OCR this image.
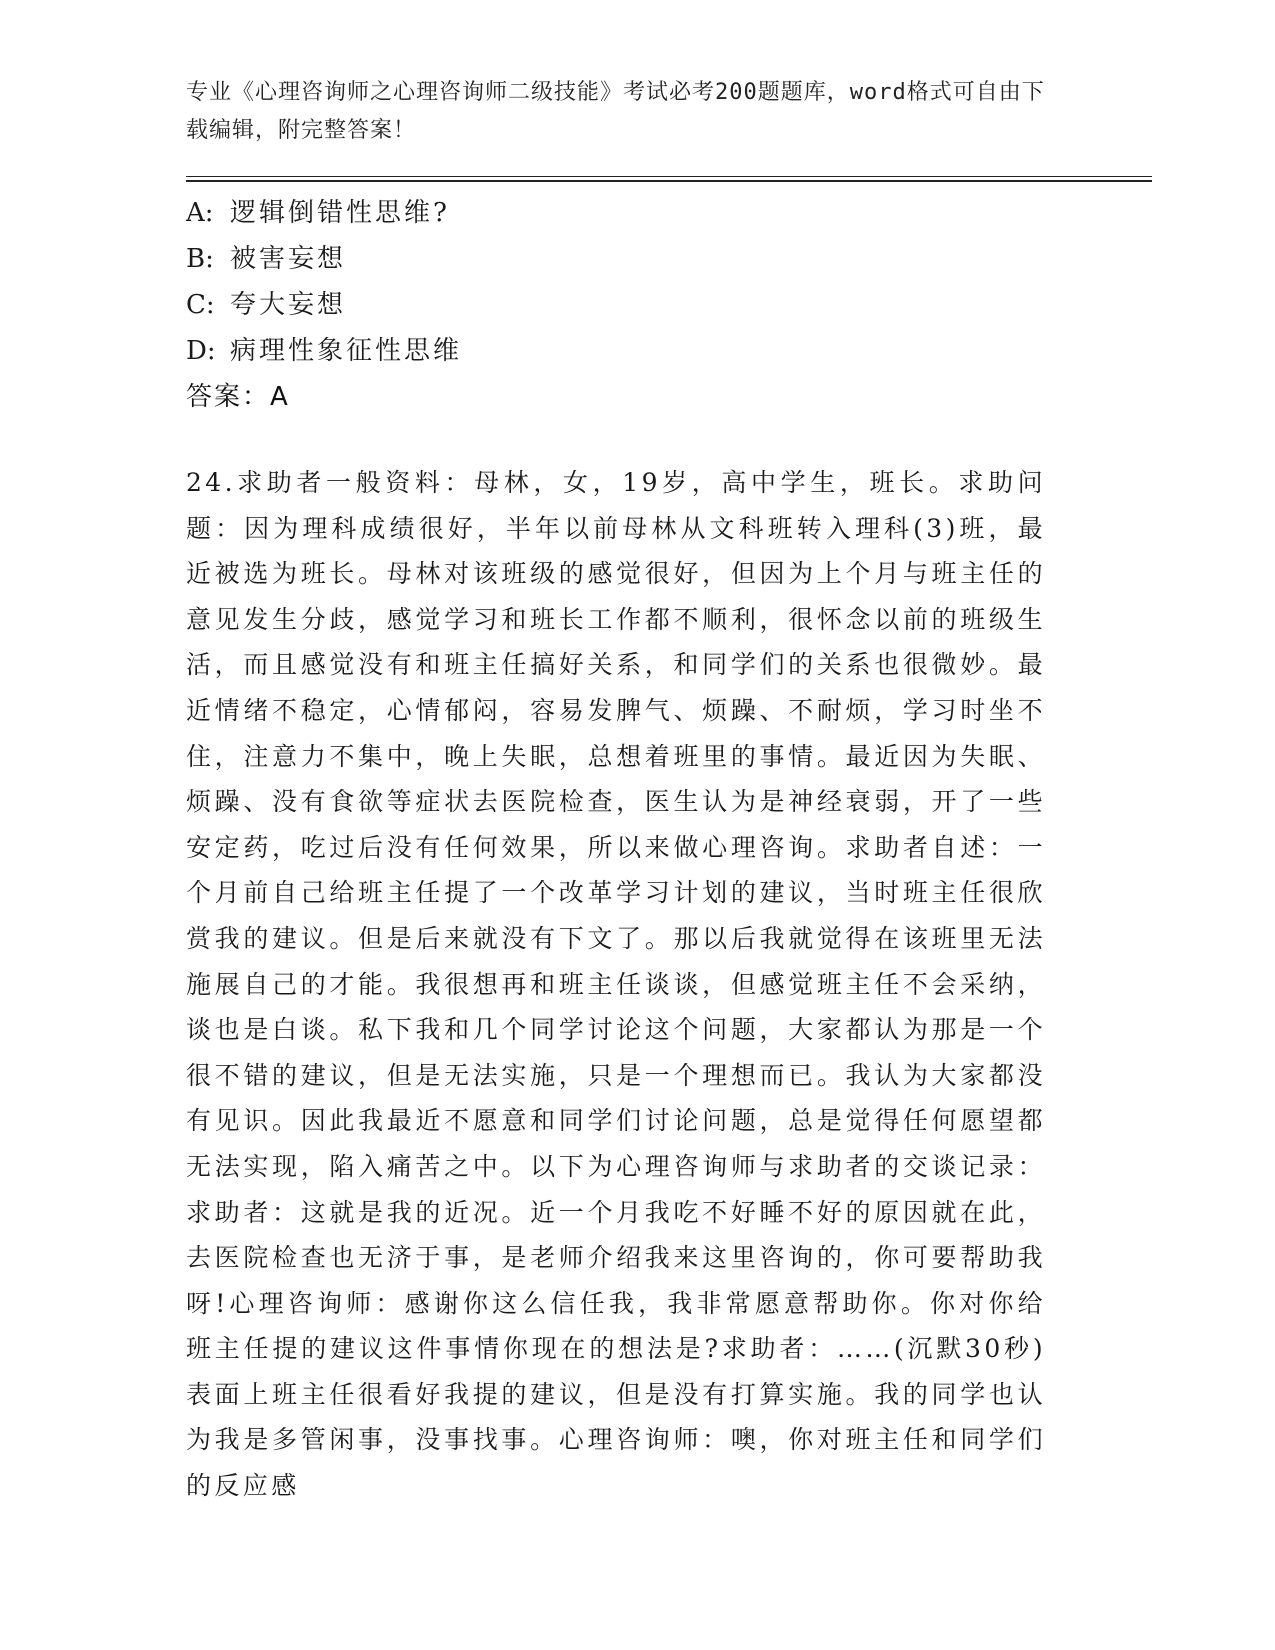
专业《心理咨询师之心理咨询师二级技能》考试必考200题题库，word格式可自由下载编辑，附完整答案！
A: 逻辑倒错性思维?
B: 被害妄想
C: 夸大妄想
D: 病理性象征性思维
答案：A
24.求助者一般资料：母林，女，19岁，高中学生，班长。求助问题：因为理科成绩很好，半年以前母林从文科班转入理科(3)班，最近被选为班长。母林对该班级的感觉很好，但因为上个月与班主任的意见发生分歧，感觉学习和班长工作都不顺利，很怀念以前的班级生活，而且感觉没有和班主任搞好关系，和同学们的关系也很微妙。最近情绪不稳定，心情郁闷，容易发脾气、烦躁、不耐烦，学习时坐不住，注意力不集中，晚上失眠，总想着班里的事情。最近因为失眠、烦躁、没有食欲等症状去医院检查，医生认为是神经衰弱，开了一些安定药，吃过后没有任何效果，所以来做心理咨询。求助者自述：一个月前自己给班主任提了一个改革学习计划的建议，当时班主任很欣赏我的建议。但是后来就没有下文了。那以后我就觉得在该班里无法施展自己的才能。我很想再和班主任谈谈，但感觉班主任不会采纳，谈也是白谈。私下我和几个同学讨论这个问题，大家都认为那是一个很不错的建议，但是无法实施，只是一个理想而已。我认为大家都没有见识。因此我最近不愿意和同学们讨论问题，总是觉得任何愿望都无法实现，陷入痛苦之中。以下为心理咨询师与求助者的交谈记录：求助者：这就是我的近况。近一个月我吃不好睡不好的原因就在此，去医院检查也无济于事，是老师介绍我来这里咨询的，你可要帮助我呀!心理咨询师：感谢你这么信任我，我非常愿意帮助你。你对你给班主任提的建议这件事情你现在的想法是?求助者：……(沉默30秒)表面上班主任很看好我提的建议，但是没有打算实施。我的同学也认为我是多管闲事，没事找事。心理咨询师：噢，你对班主任和同学们的反应感
